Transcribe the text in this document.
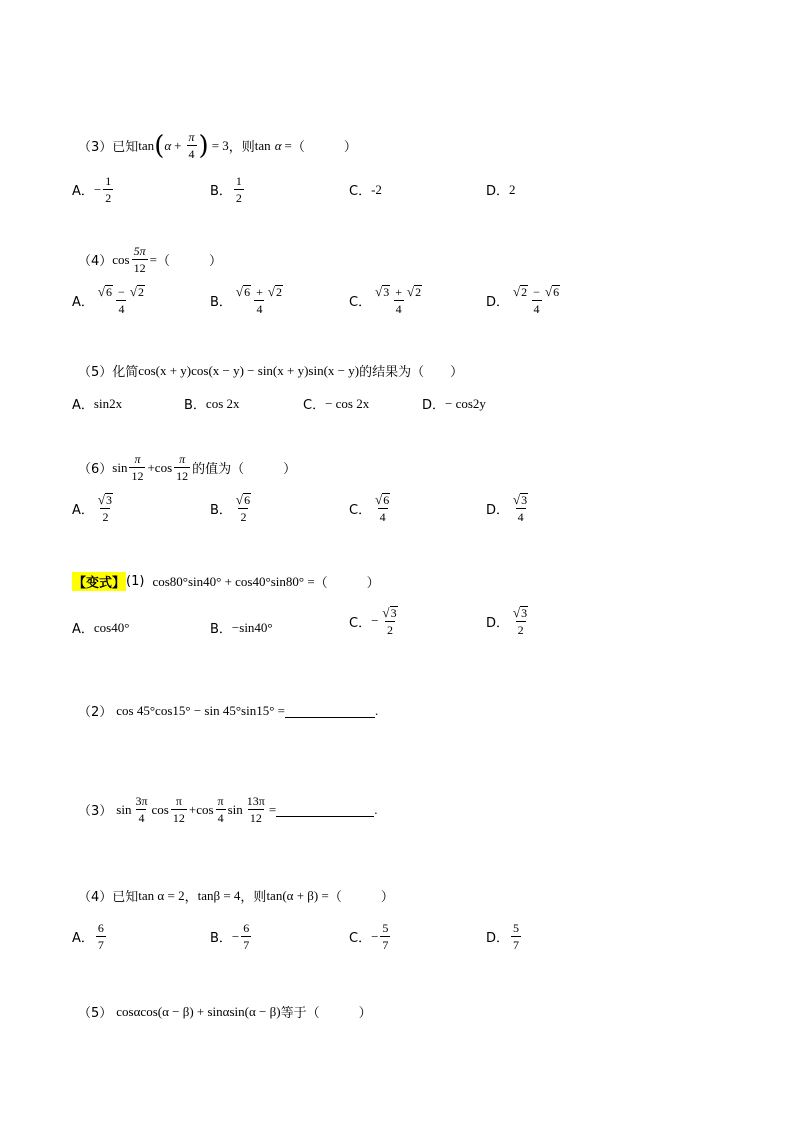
（3） 已知 tan ( $\alpha + \frac{\pi}{4}$ ) = 3 ，则 tan α = （　　　）
A． − $\frac{1}{2}$	B． $\frac{1}{2}$	C． -2	D． 2
（4） $\cos \frac{5\pi}{12}$ = （　　　）
A． $\frac{√ 6 - √ 2}{4}$	B． $\frac{√ 6 + √ 2}{4}$	C． $\frac{√ 3 + √ 2}{4}$	D． $\frac{√ 2 - √ 6}{4}$
（5） 化简 cos(x + y)cos(x − y) − sin(x + y)sin(x − y) 的结果为 （　　）
A． sin2x	B． cos 2x	C． − cos 2x	D． − cos2y
（6） $\sin \frac{\pi}{12} + \cos \frac{\pi}{12}$ 的值为 （　　　）
A． $\frac{√ 3}{2}$	B． $\frac{√ 6}{2}$	C． $\frac{√ 6}{4}$	D． $\frac{√ 3}{4}$
【变式】 (1) cos80°sin40° + cos40°sin80° = （　　　）
A． cos40°	B． −sin40°	C． − $\frac{√ 3}{2}$	D． $\frac{√ 3}{2}$
（2） cos 45°cos15° − sin 45°sin15° =	.
（3） $\sin \frac{3\pi}{4}$ $\cos \frac{\pi}{12} + \cos \frac{\pi}{4}$ $\sin \frac{13\pi}{12}$ =	.
（4） 已知 tan α = 2 ， tanβ = 4 ，则 tan(α + β) = （　　　）
A． $\frac{6}{7}$	B． − $\frac{6}{7}$	C． − $\frac{5}{7}$	D． $\frac{5}{7}$
（5） cosαcos(α − β) + sinαsin(α − β) 等于 （　　　）
